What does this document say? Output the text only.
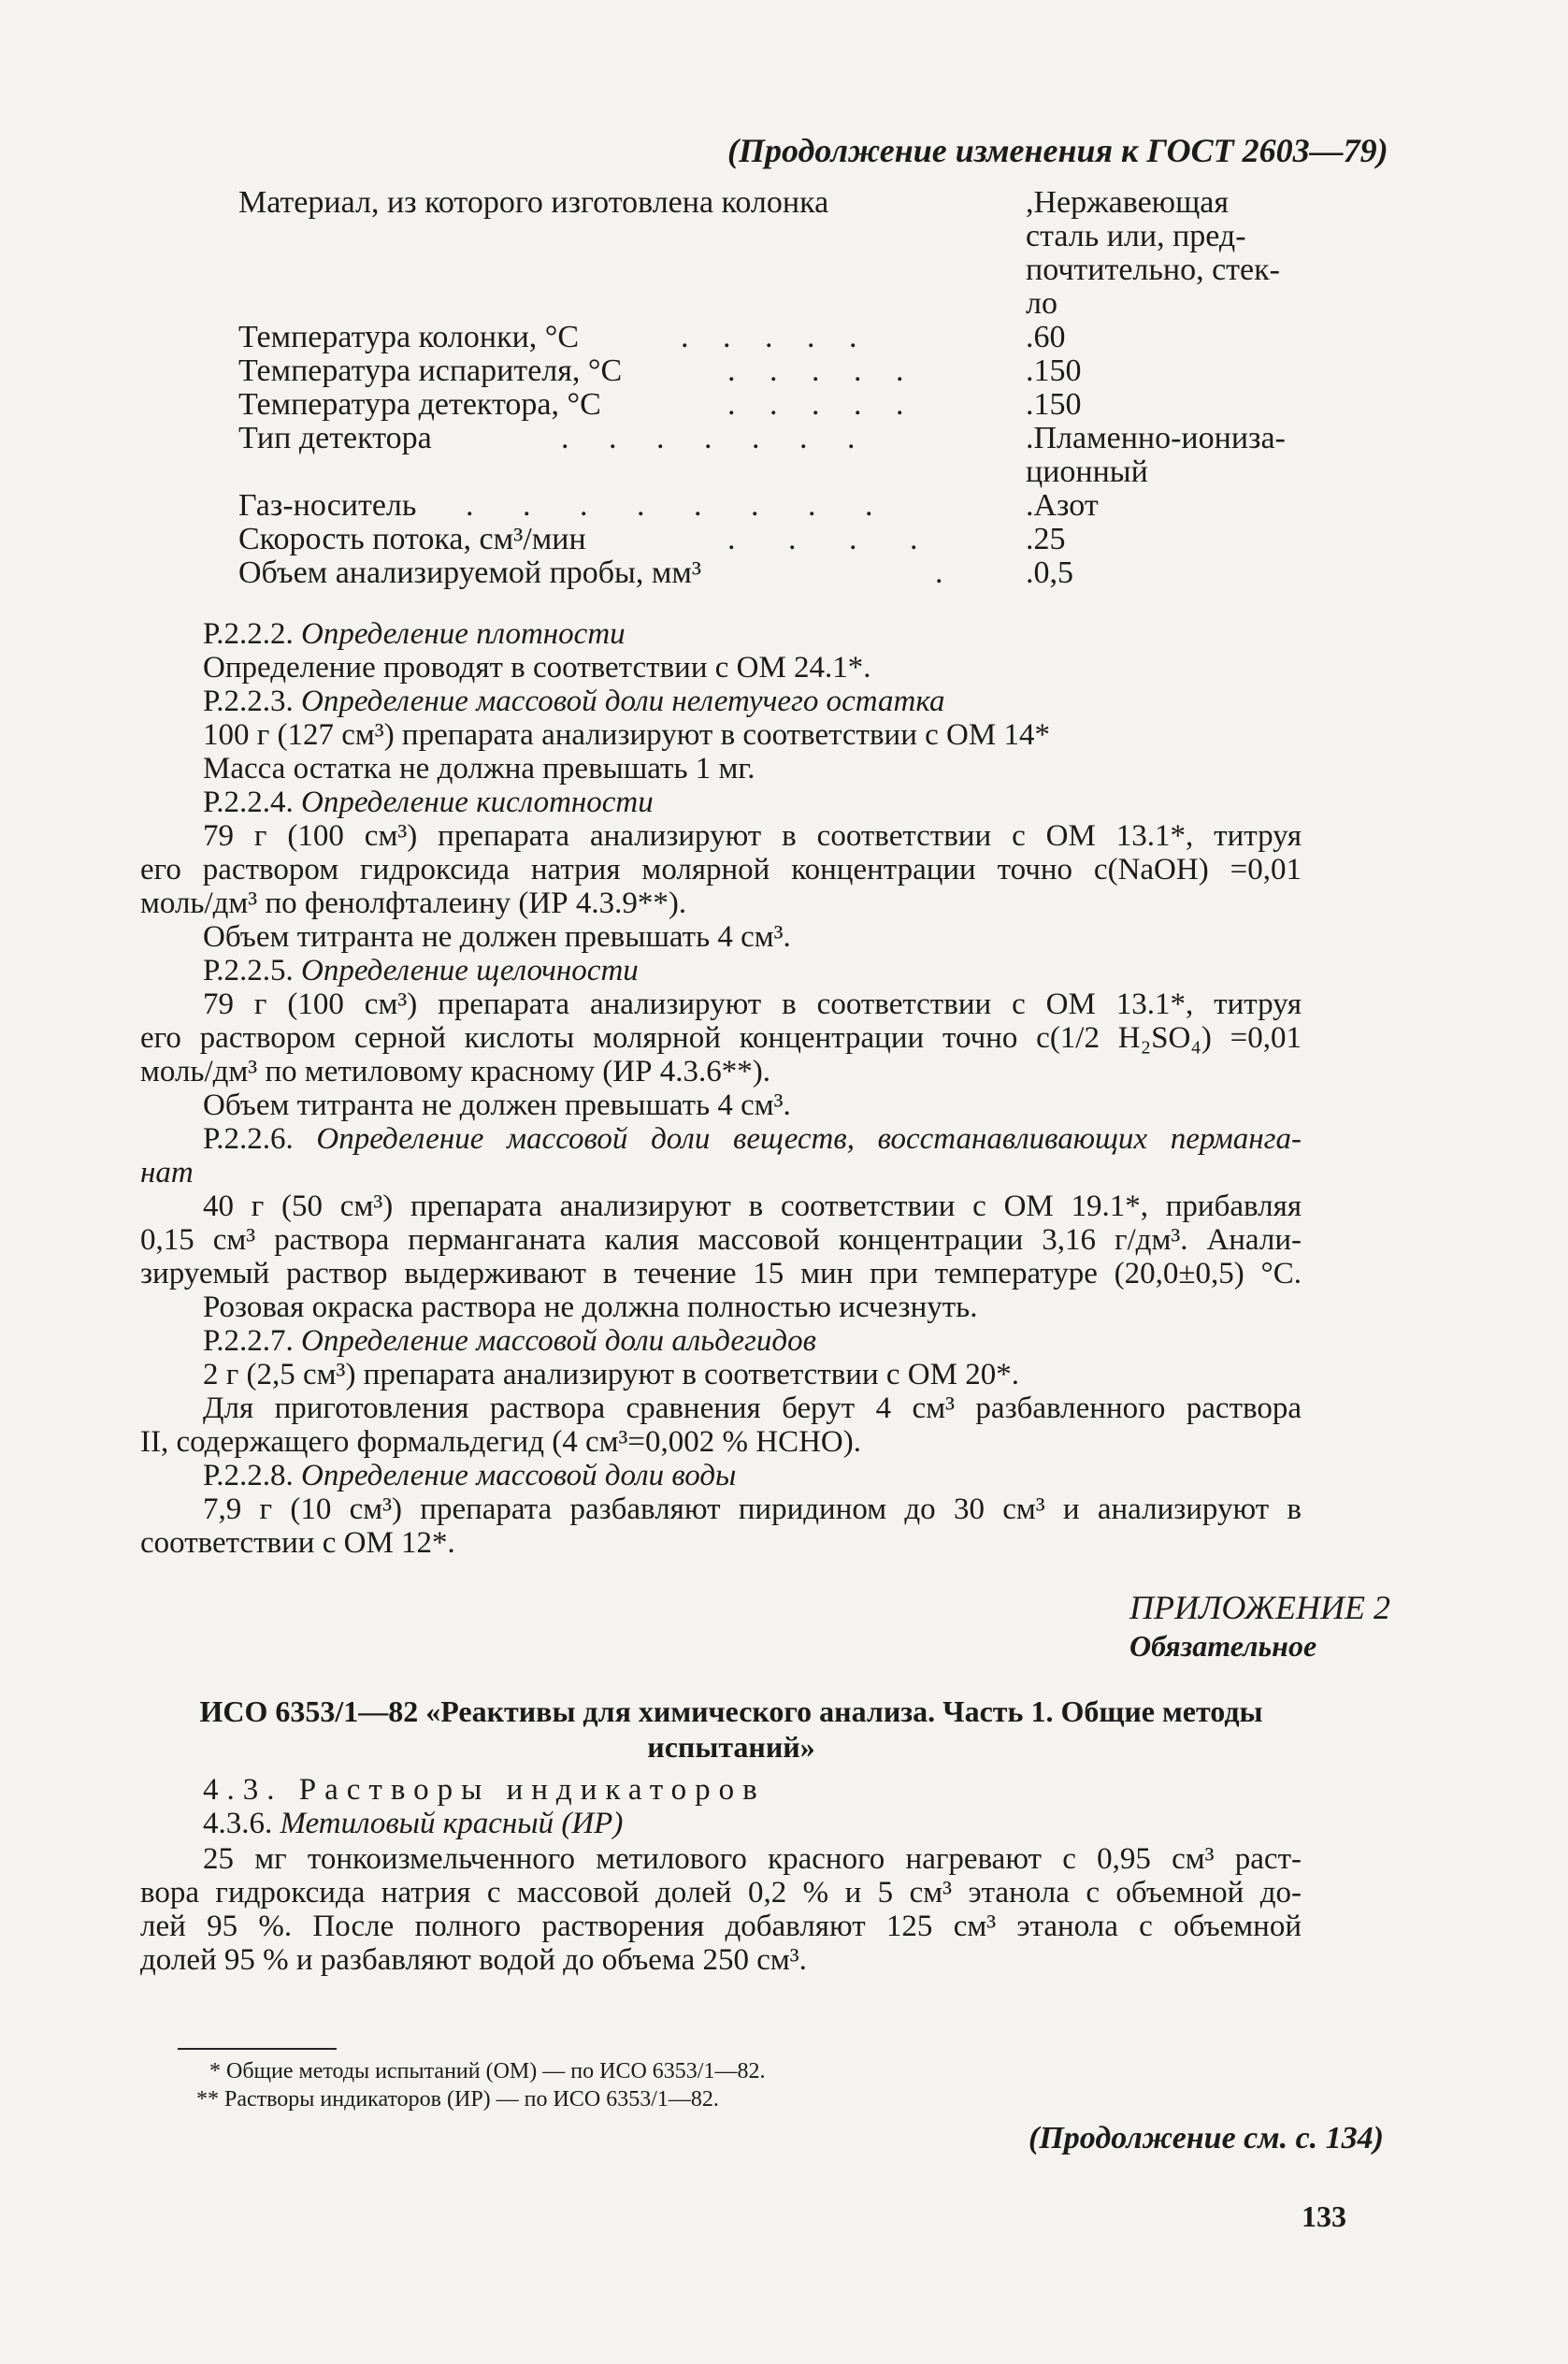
(Продолжение изменения к ГОСТ 2603—79)
Материал, из которого изготовлена колонка	,Нержавеющая
сталь или, пред-
почтительно, стек-
ло
Температура колонки, °С	. . . . .	.60
Температура испарителя, °С	. . . . .	.150
Температура детектора, °С	. . . . .	.150
Тип детектора	. . . . . . .	.Пламенно-иониза-
ционный
Газ-носитель . . . . . . . .	.Азот
Скорость потока, см³/мин	. . . .	.25
Объем анализируемой пробы, мм³	.	.0,5
Р.2.2.2. Определение плотности
Определение проводят в соответствии с ОМ 24.1*.
Р.2.2.3. Определение массовой доли нелетучего остатка
100 г (127 см³) препарата анализируют в соответствии с ОМ 14*
Масса остатка не должна превышать 1 мг.
Р.2.2.4. Определение кислотности
79 г (100 см³) препарата анализируют в соответствии с ОМ 13.1*, титруя
его раствором гидроксида натрия молярной концентрации точно c(NaOH) =0,01
моль/дм³ по фенолфталеину (ИР 4.3.9**).
Объем титранта не должен превышать 4 см³.
Р.2.2.5. Определение щелочности
79 г (100 см³) препарата анализируют в соответствии с ОМ 13.1*, титруя
его раствором серной кислоты молярной концентрации точно c(1/2 H₂SO₄) =0,01
моль/дм³ по метиловому красному (ИР 4.3.6**).
Объем титранта не должен превышать 4 см³.
Р.2.2.6. Определение массовой доли веществ, восстанавливающих перманга-
нат
40 г (50 см³) препарата анализируют в соответствии с ОМ 19.1*, прибавляя
0,15 см³ раствора перманганата калия массовой концентрации 3,16 г/дм³. Анали-
зируемый раствор выдерживают в течение 15 мин при температуре (20,0±0,5) °С.
Розовая окраска раствора не должна полностью исчезнуть.
Р.2.2.7. Определение массовой доли альдегидов
2 г (2,5 см³) препарата анализируют в соответствии с ОМ 20*.
Для приготовления раствора сравнения берут 4 см³ разбавленного раствора
II, содержащего формальдегид (4 см³=0,002 % НСНО).
Р.2.2.8. Определение массовой доли воды
7,9 г (10 см³) препарата разбавляют пиридином до 30 см³ и анализируют в
соответствии с ОМ 12*.
ПРИЛОЖЕНИЕ 2
Обязательное
ИСО 6353/1—82 «Реактивы для химического анализа. Часть 1. Общие методы
испытаний»
4.3. Растворы индикаторов
4.3.6. Метиловый красный (ИР)
25 мг тонкоизмельченного метилового красного нагревают с 0,95 см³ раст-
вора гидроксида натрия с массовой долей 0,2 % и 5 см³ этанола с объемной до-
лей 95 %. После полного растворения добавляют 125 см³ этанола с объемной
долей 95 % и разбавляют водой до объема 250 см³.
* Общие методы испытаний (ОМ) — по ИСО 6353/1—82.
** Растворы индикаторов (ИР) — по ИСО 6353/1—82.
(Продолжение см. с. 134)
133
